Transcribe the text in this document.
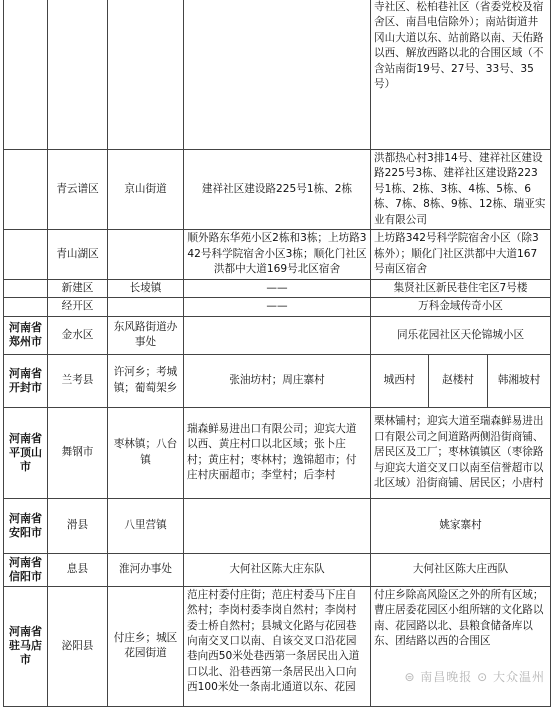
				寺社区、松柏巷社区（省委党校及宿舍区、南昌电信除外）；南站街道井冈山大道以东、站前路以南、天佑路以西、解放西路以北的合围区域（不含站南街19号、27号、33号、35号）		
	青云谱区	京山街道	建祥社区建设路225号1栋、2栋	洪都热心村3排14号、建祥社区建设路225号3栋、建祥社区建设路223号1栋、2栋、3栋、4栋、5栋、6栋、7栋、8栋、9栋、12栋、瑞亚实业有限公司		
	青山湖区		顺外路东华苑小区2栋和3栋；上坊路342号科学院宿舍小区3栋；顺化门社区洪都中大道169号北区宿舍	上坊路342号科学院宿舍小区（除3栋外）；顺化门社区洪都中大道167号南区宿舍		
	新建区	长堎镇	——	集贤社区新民巷住宅区7号楼		
	经开区		——	万科金域传奇小区		
河南省郑州市	金水区	东风路街道办事处		同乐花园社区天伦锦城小区		
河南省开封市	兰考县	许河乡；考城镇；葡萄架乡	张油坊村；周庄寨村	城西村	赵楼村	韩湘坡村
河南省平顶山市	舞钢市	枣林镇；八台镇	瑞森鲜易进出口有限公司；迎宾大道以西、黄庄村口以北区域；张卜庄村；黄庄村；枣林村；逸锦超市；付庄村庆丽超市；李堂村；后李村	栗林铺村；迎宾大道至瑞森鲜易进出口有限公司之间道路两侧沿街商铺、居民区及工厂；枣林镇镇区（枣徐路与迎宾大道交叉口以南至信誉超市以北区域）沿街商铺、居民区；小唐村		
河南省安阳市	滑县	八里营镇		姚家寨村		
河南省信阳市	息县	淮河办事处	大何社区陈大庄东队	大何社区陈大庄西队		
河南省驻马店市	泌阳县	付庄乡；城区花园街道	范庄村委付庄街；范庄村委马下庄自然村；李岗村委李岗自然村；李岗村委士桥自然村；县城文化路与花园巷向南交叉口以南、自该交叉口沿花园巷向西50米处巷西第一条居民出入道口以北、沿巷西第一条居民出入口向西100米处一条南北通道以东、花园	付庄乡除高风险区之外的所有区域；曹庄居委花园区小组所辖的文化路以南、花园路以北、县粮食储备库以东、团结路以西的合围区		
⊜ 南昌晚报 ⊙ 大众温州
